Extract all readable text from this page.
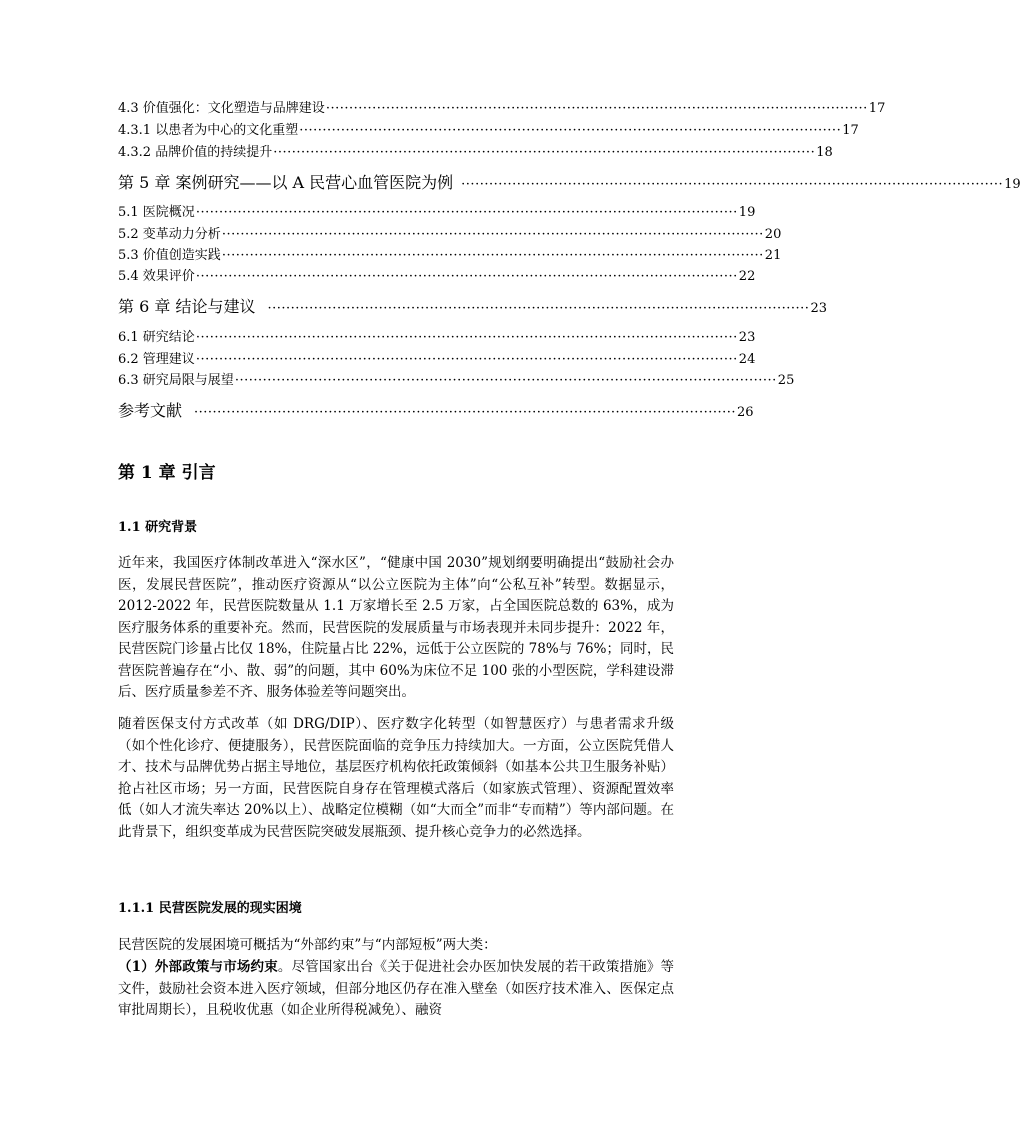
4.3 价值强化：文化塑造与品牌建设 ····················································································································· 17
4.3.1 以患者为中心的文化重塑 ····················································································································· 17
4.3.2 品牌价值的持续提升 ····················································································································· 18
第 5 章 案例研究——以 A 民营心血管医院为例 ····················································································································· 19
5.1 医院概况 ····················································································································· 19
5.2 变革动力分析 ····················································································································· 20
5.3 价值创造实践 ····················································································································· 21
5.4 效果评价 ····················································································································· 22
第 6 章 结论与建议 ····················································································································· 23
6.1 研究结论 ····················································································································· 23
6.2 管理建议 ····················································································································· 24
6.3 研究局限与展望 ····················································································································· 25
参考文献 ····················································································································· 26
第 1 章 引言
1.1 研究背景

近年来，我国医疗体制改革进入“深水区”，“健康中国 2030”规划纲要明确提出“鼓励社会办医，发展民营医院”，推动医疗资源从“以公立医院为主体”向“公私互补”转型。数据显示，2012-2022 年，民营医院数量从 1.1 万家增长至 2.5 万家，占全国医院总数的 63%，成为医疗服务体系的重要补充。然而，民营医院的发展质量与市场表现并未同步提升：2022 年，民营医院门诊量占比仅 18%，住院量占比 22%，远低于公立医院的 78%与 76%；同时，民营医院普遍存在“小、散、弱”的问题，其中 60%为床位不足 100 张的小型医院，学科建设滞后、医疗质量参差不齐、服务体验差等问题突出。

随着医保支付方式改革（如 DRG/DIP）、医疗数字化转型（如智慧医疗）与患者需求升级（如个性化诊疗、便捷服务），民营医院面临的竞争压力持续加大。一方面，公立医院凭借人才、技术与品牌优势占据主导地位，基层医疗机构依托政策倾斜（如基本公共卫生服务补贴）抢占社区市场；另一方面，民营医院自身存在管理模式落后（如家族式管理）、资源配置效率低（如人才流失率达 20%以上）、战略定位模糊（如“大而全”而非“专而精”）等内部问题。在此背景下，组织变革成为民营医院突破发展瓶颈、提升核心竞争力的必然选择。

1.1.1 民营医院发展的现实困境

民营医院的发展困境可概括为“外部约束”与“内部短板”两大类：

（1）外部政策与市场约束。尽管国家出台《关于促进社会办医加快发展的若干政策措施》等文件，鼓励社会资本进入医疗领域，但部分地区仍存在准入壁垒（如医疗技术准入、医保定点审批周期长），且税收优惠（如企业所得税减免）、融资
